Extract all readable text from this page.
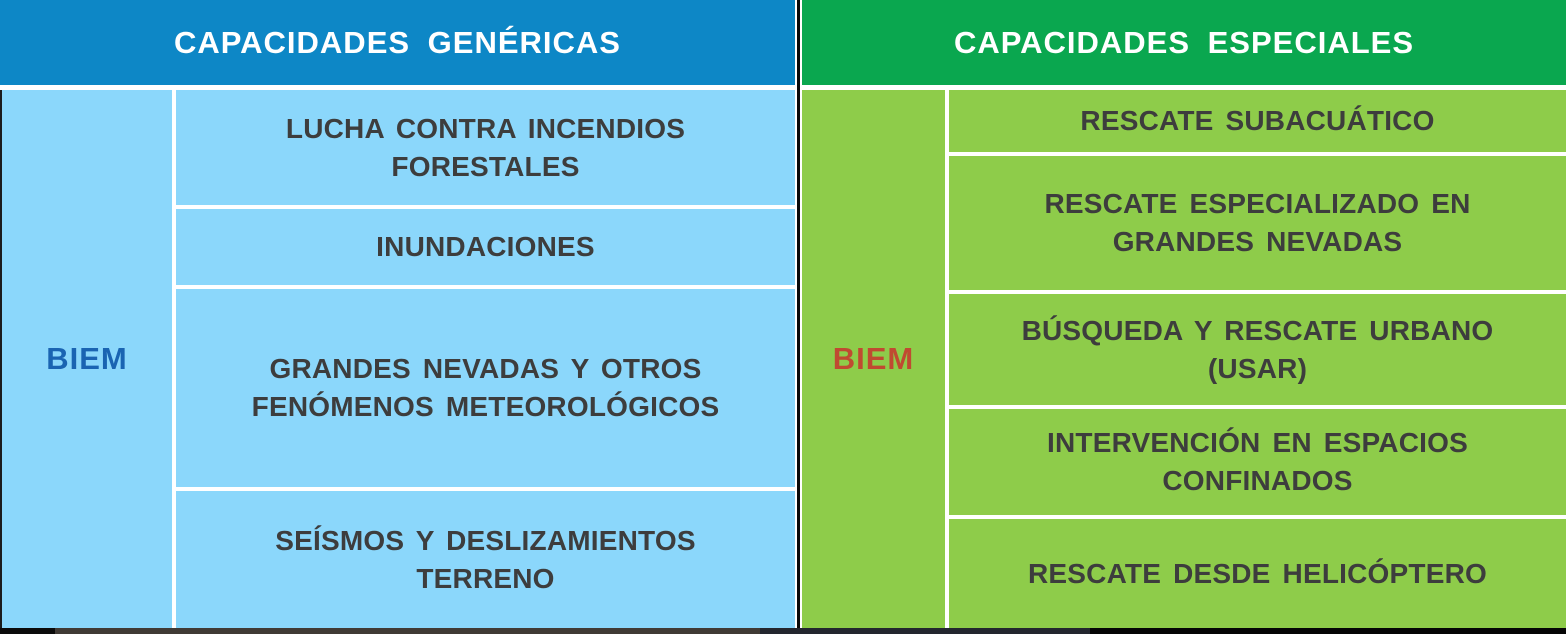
CAPACIDADES GENÉRICAS
BIEM
LUCHA CONTRA INCENDIOS FORESTALES
INUNDACIONES
GRANDES NEVADAS Y OTROS FENÓMENOS METEOROLÓGICOS
SEÍSMOS Y DESLIZAMIENTOS TERRENO
CAPACIDADES ESPECIALES
BIEM
RESCATE SUBACUÁTICO
RESCATE ESPECIALIZADO EN GRANDES NEVADAS
BÚSQUEDA Y RESCATE URBANO (USAR)
INTERVENCIÓN EN ESPACIOS CONFINADOS
RESCATE DESDE HELICÓPTERO
